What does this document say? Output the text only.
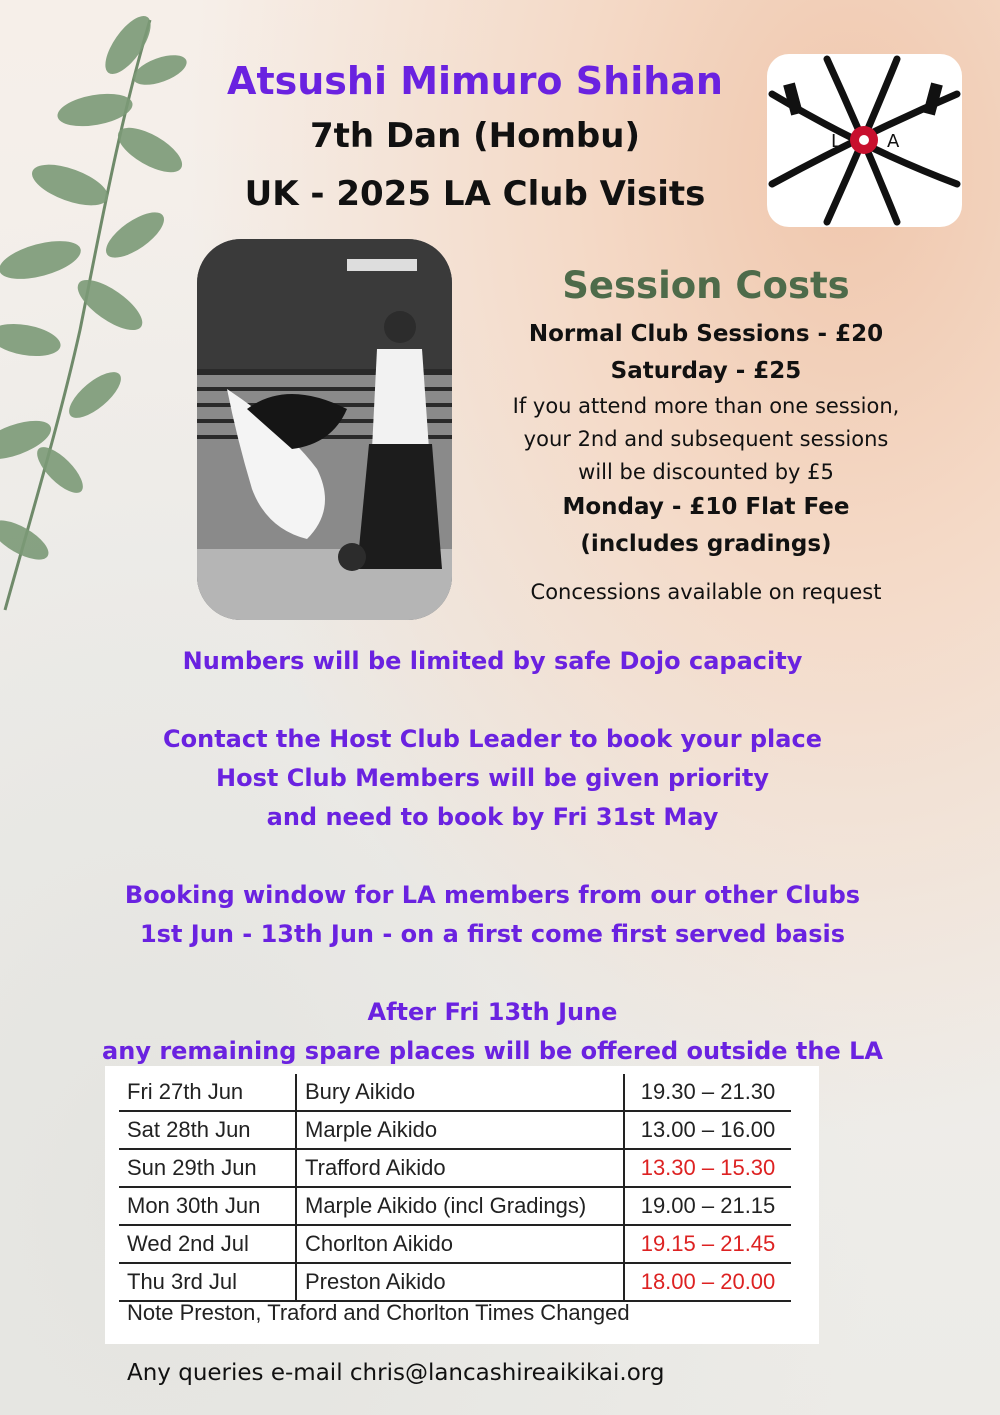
Atsushi Mimuro Shihan

7th Dan (Hombu)

UK - 2025 LA Club Visits

L	A

Session Costs

Normal Club Sessions - £20
Saturday - £25
If you attend more than one session,
your 2nd and subsequent sessions
will be discounted by £5
Monday - £10 Flat Fee
(includes gradings)
Concessions available on request
Numbers will be limited by safe Dojo capacity
Contact the Host Club Leader to book your place
Host Club Members will be given priority
and need to book by Fri 31st May
Booking window for LA members from our other Clubs
1st Jun - 13th Jun - on a first come first served basis
After Fri 13th June
any remaining spare places will be offered outside the LA
Fri 27th Jun	Bury Aikido	19.30 – 21.30
Sat 28th Jun	Marple Aikido	13.00 – 16.00
Sun 29th Jun	Trafford Aikido	13.30 – 15.30
Mon 30th Jun	Marple Aikido (incl Gradings)	19.00 – 21.15
Wed 2nd Jul	Chorlton Aikido	19.15 – 21.45
Thu 3rd Jul	Preston Aikido	18.00 – 20.00
Note Preston, Traford and Chorlton Times Changed
Any queries e-mail chris@lancashireaikikai.org
